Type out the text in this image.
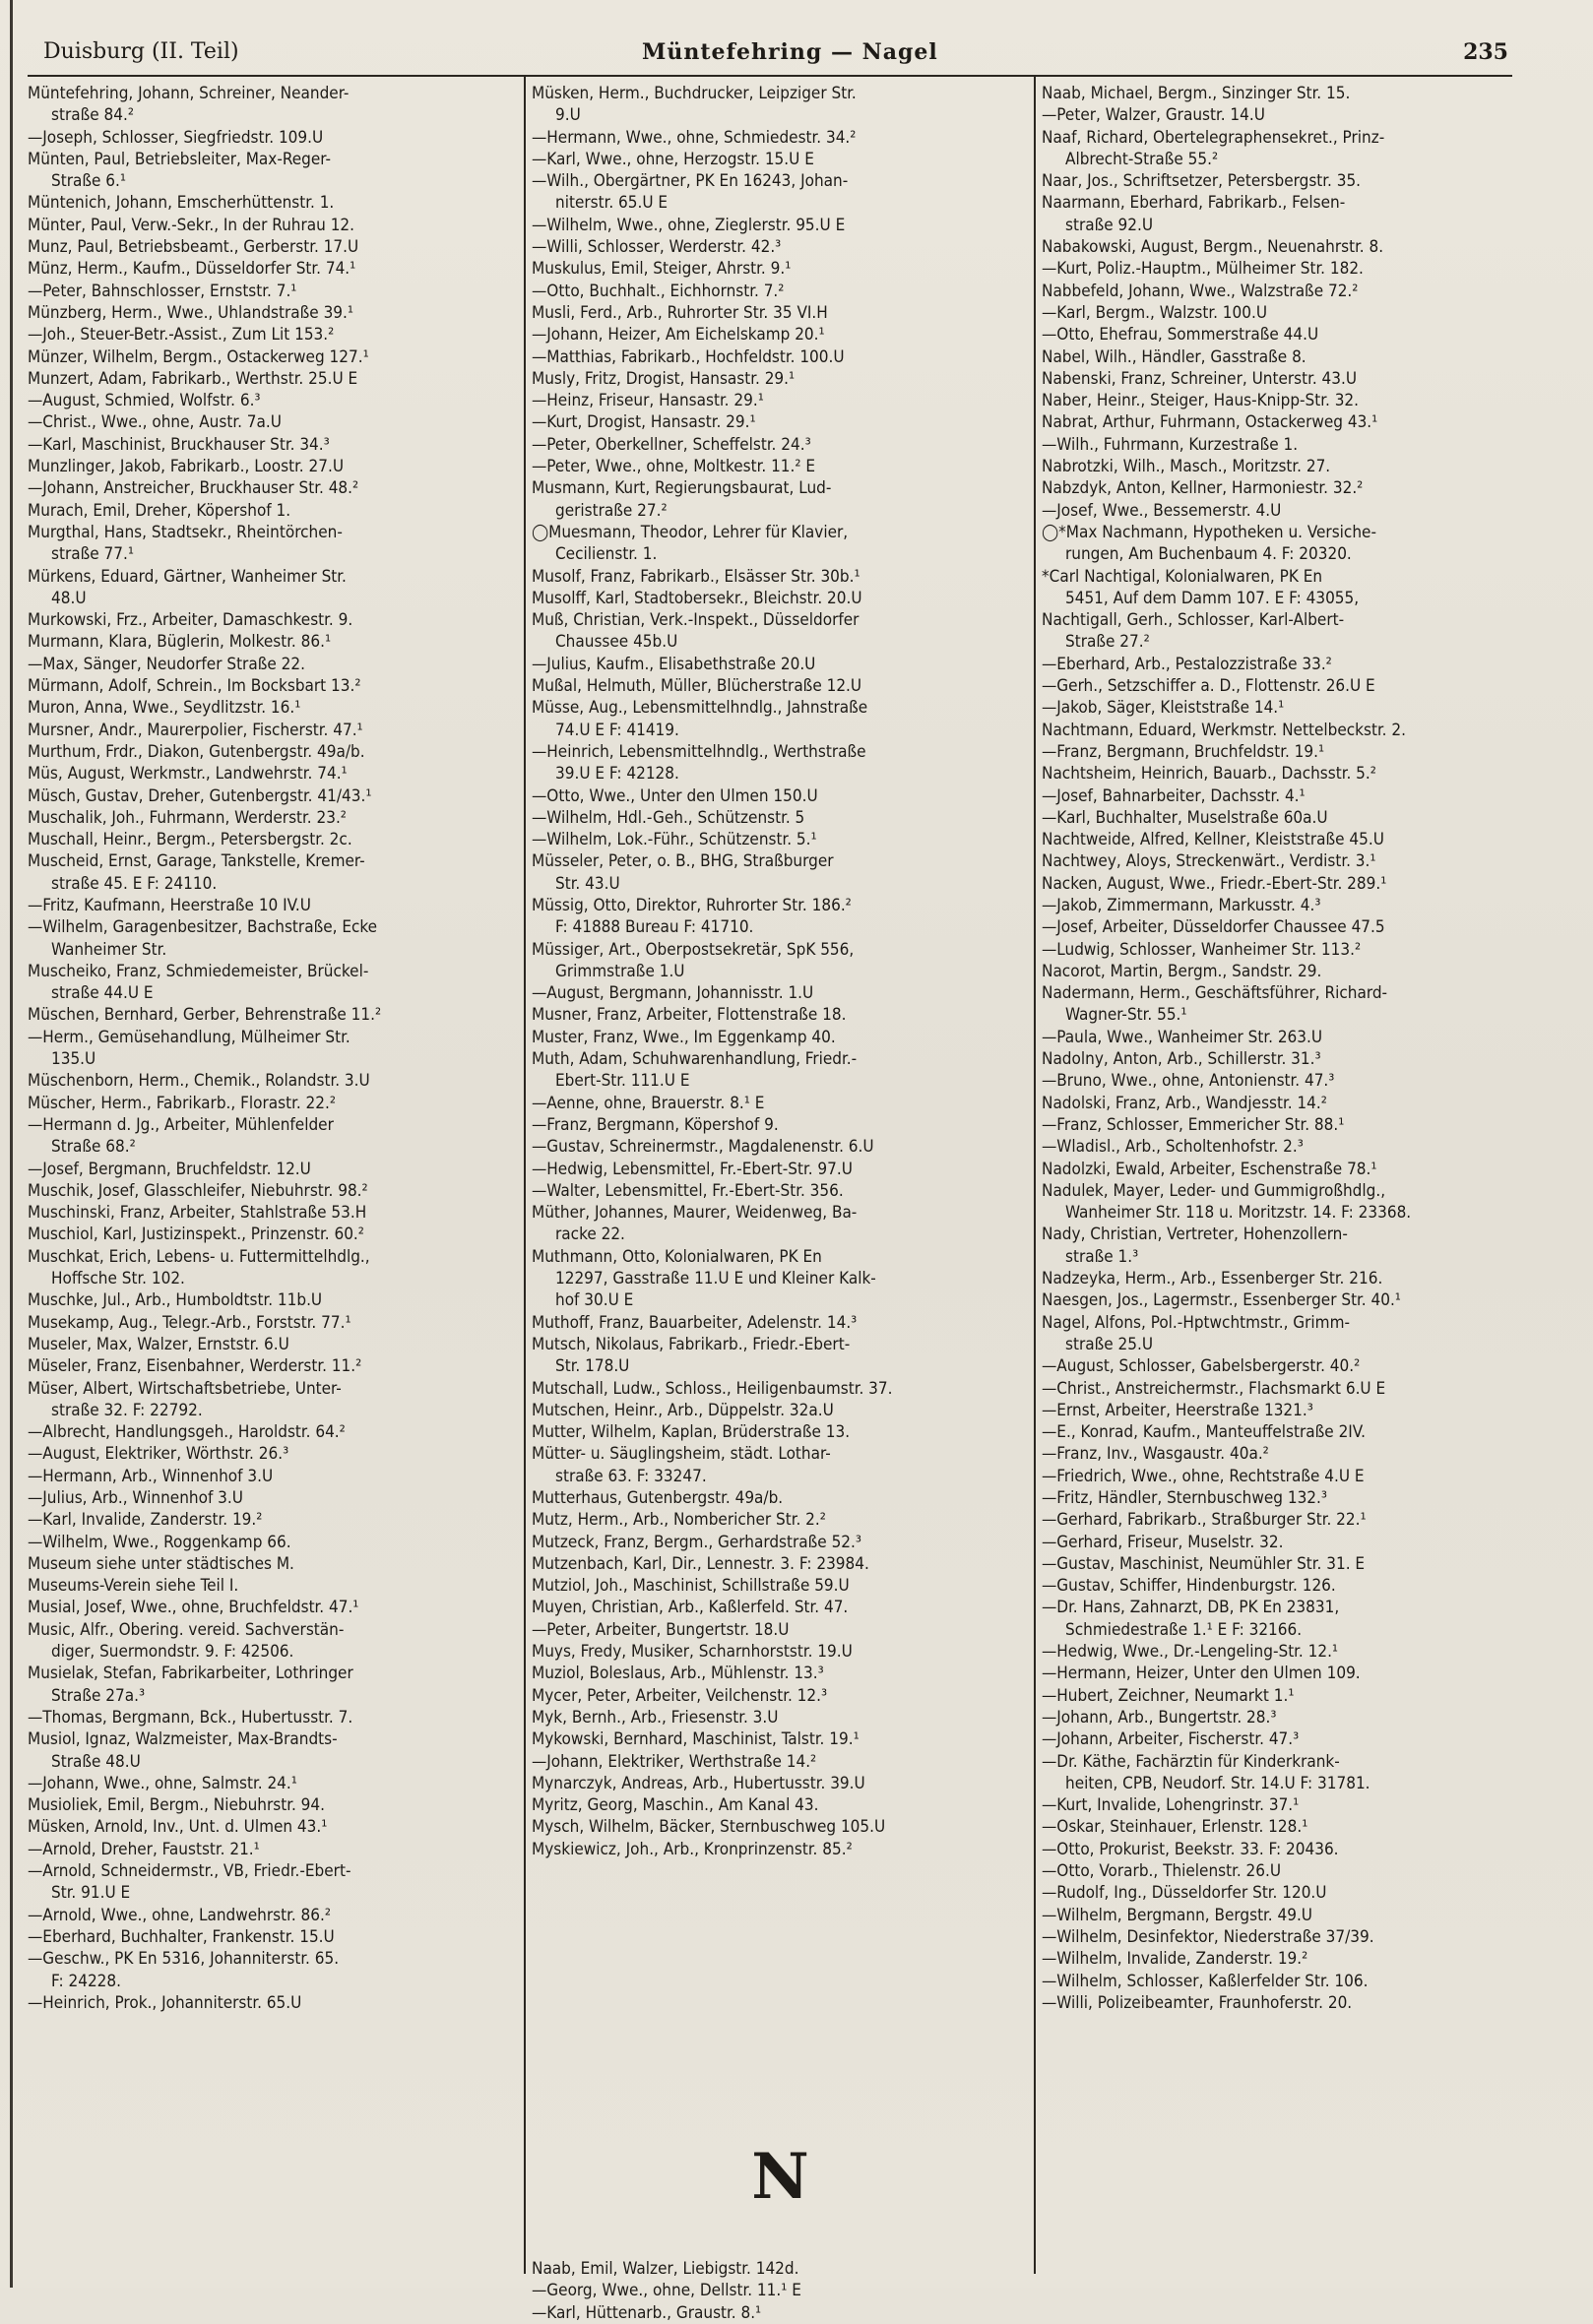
Duisburg (II. Teil)	Müntefehring — Nagel	235
Müntefehring, Johann, Schreiner, Neander-
straße 84.²
—Joseph, Schlosser, Siegfriedstr. 109.U
Münten, Paul, Betriebsleiter, Max-Reger-
Straße 6.¹
Müntenich, Johann, Emscherhüttenstr. 1.
Münter, Paul, Verw.-Sekr., In der Ruhrau 12.
Munz, Paul, Betriebsbeamt., Gerberstr. 17.U
Münz, Herm., Kaufm., Düsseldorfer Str. 74.¹
—Peter, Bahnschlosser, Ernststr. 7.¹
Münzberg, Herm., Wwe., Uhlandstraße 39.¹
—Joh., Steuer-Betr.-Assist., Zum Lit 153.²
Münzer, Wilhelm, Bergm., Ostackerweg 127.¹
Munzert, Adam, Fabrikarb., Werthstr. 25.U E
—August, Schmied, Wolfstr. 6.³
—Christ., Wwe., ohne, Austr. 7a.U
—Karl, Maschinist, Bruckhauser Str. 34.³
Munzlinger, Jakob, Fabrikarb., Loostr. 27.U
—Johann, Anstreicher, Bruckhauser Str. 48.²
Murach, Emil, Dreher, Köpershof 1.
Murgthal, Hans, Stadtsekr., Rheintörchen-
straße 77.¹
Mürkens, Eduard, Gärtner, Wanheimer Str.
48.U
Murkowski, Frz., Arbeiter, Damaschkestr. 9.
Murmann, Klara, Büglerin, Molkestr. 86.¹
—Max, Sänger, Neudorfer Straße 22.
Mürmann, Adolf, Schrein., Im Bocksbart 13.²
Muron, Anna, Wwe., Seydlitzstr. 16.¹
Mursner, Andr., Maurerpolier, Fischerstr. 47.¹
Murthum, Frdr., Diakon, Gutenbergstr. 49a/b.
Müs, August, Werkmstr., Landwehrstr. 74.¹
Müsch, Gustav, Dreher, Gutenbergstr. 41/43.¹
Muschalik, Joh., Fuhrmann, Werderstr. 23.²
Muschall, Heinr., Bergm., Petersbergstr. 2c.
Muscheid, Ernst, Garage, Tankstelle, Kremer-
straße 45. E F: 24110.
—Fritz, Kaufmann, Heerstraße 10 IV.U
—Wilhelm, Garagenbesitzer, Bachstraße, Ecke
Wanheimer Str.
Muscheiko, Franz, Schmiedemeister, Brückel-
straße 44.U E
Müschen, Bernhard, Gerber, Behrenstraße 11.²
—Herm., Gemüsehandlung, Mülheimer Str.
135.U
Müschenborn, Herm., Chemik., Rolandstr. 3.U
Müscher, Herm., Fabrikarb., Florastr. 22.²
—Hermann d. Jg., Arbeiter, Mühlenfelder
Straße 68.²
—Josef, Bergmann, Bruchfeldstr. 12.U
Muschik, Josef, Glasschleifer, Niebuhrstr. 98.²
Muschinski, Franz, Arbeiter, Stahlstraße 53.H
Muschiol, Karl, Justizinspekt., Prinzenstr. 60.²
Muschkat, Erich, Lebens- u. Futtermittelhdlg.,
Hoffsche Str. 102.
Muschke, Jul., Arb., Humboldtstr. 11b.U
Musekamp, Aug., Telegr.-Arb., Forststr. 77.¹
Museler, Max, Walzer, Ernststr. 6.U
Müseler, Franz, Eisenbahner, Werderstr. 11.²
Müser, Albert, Wirtschaftsbetriebe, Unter-
straße 32. F: 22792.
—Albrecht, Handlungsgeh., Haroldstr. 64.²
—August, Elektriker, Wörthstr. 26.³
—Hermann, Arb., Winnenhof 3.U
—Julius, Arb., Winnenhof 3.U
—Karl, Invalide, Zanderstr. 19.²
—Wilhelm, Wwe., Roggenkamp 66.
Museum siehe unter städtisches M.
Museums-Verein siehe Teil I.
Musial, Josef, Wwe., ohne, Bruchfeldstr. 47.¹
Music, Alfr., Obering. vereid. Sachverstän-
diger, Suermondstr. 9. F: 42506.
Musielak, Stefan, Fabrikarbeiter, Lothringer
Straße 27a.³
—Thomas, Bergmann, Bck., Hubertusstr. 7.
Musiol, Ignaz, Walzmeister, Max-Brandts-
Straße 48.U
—Johann, Wwe., ohne, Salmstr. 24.¹
Musioliek, Emil, Bergm., Niebuhrstr. 94.
Müsken, Arnold, Inv., Unt. d. Ulmen 43.¹
—Arnold, Dreher, Fauststr. 21.¹
—Arnold, Schneidermstr., VB, Friedr.-Ebert-
Str. 91.U E
—Arnold, Wwe., ohne, Landwehrstr. 86.²
—Eberhard, Buchhalter, Frankenstr. 15.U
—Geschw., PK En 5316, Johanniterstr. 65.
F: 24228.
—Heinrich, Prok., Johanniterstr. 65.U
Müsken, Herm., Buchdrucker, Leipziger Str.
9.U
—Hermann, Wwe., ohne, Schmiedestr. 34.²
—Karl, Wwe., ohne, Herzogstr. 15.U E
—Wilh., Obergärtner, PK En 16243, Johan-
niterstr. 65.U E
—Wilhelm, Wwe., ohne, Zieglerstr. 95.U E
—Willi, Schlosser, Werderstr. 42.³
Muskulus, Emil, Steiger, Ahrstr. 9.¹
—Otto, Buchhalt., Eichhornstr. 7.²
Musli, Ferd., Arb., Ruhrorter Str. 35 VI.H
—Johann, Heizer, Am Eichelskamp 20.¹
—Matthias, Fabrikarb., Hochfeldstr. 100.U
Musly, Fritz, Drogist, Hansastr. 29.¹
—Heinz, Friseur, Hansastr. 29.¹
—Kurt, Drogist, Hansastr. 29.¹
—Peter, Oberkellner, Scheffelstr. 24.³
—Peter, Wwe., ohne, Moltkestr. 11.² E
Musmann, Kurt, Regierungsbaurat, Lud-
geristraße 27.²
◯Muesmann, Theodor, Lehrer für Klavier,
Cecilienstr. 1.
Musolf, Franz, Fabrikarb., Elsässer Str. 30b.¹
Musolff, Karl, Stadtobersekr., Bleichstr. 20.U
Muß, Christian, Verk.-Inspekt., Düsseldorfer
Chaussee 45b.U
—Julius, Kaufm., Elisabethstraße 20.U
Mußal, Helmuth, Müller, Blücherstraße 12.U
Müsse, Aug., Lebensmittelhndlg., Jahnstraße
74.U E F: 41419.
—Heinrich, Lebensmittelhndlg., Werthstraße
39.U E F: 42128.
—Otto, Wwe., Unter den Ulmen 150.U
—Wilhelm, Hdl.-Geh., Schützenstr. 5
—Wilhelm, Lok.-Führ., Schützenstr. 5.¹
Müsseler, Peter, o. B., BHG, Straßburger
Str. 43.U
Müssig, Otto, Direktor, Ruhrorter Str. 186.²
F: 41888 Bureau F: 41710.
Müssiger, Art., Oberpostsekretär, SpK 556,
Grimmstraße 1.U
—August, Bergmann, Johannisstr. 1.U
Musner, Franz, Arbeiter, Flottenstraße 18.
Muster, Franz, Wwe., Im Eggenkamp 40.
Muth, Adam, Schuhwarenhandlung, Friedr.-
Ebert-Str. 111.U E
—Aenne, ohne, Brauerstr. 8.¹ E
—Franz, Bergmann, Köpershof 9.
—Gustav, Schreinermstr., Magdalenenstr. 6.U
—Hedwig, Lebensmittel, Fr.-Ebert-Str. 97.U
—Walter, Lebensmittel, Fr.-Ebert-Str. 356.
Müther, Johannes, Maurer, Weidenweg, Ba-
racke 22.
Muthmann, Otto, Kolonialwaren, PK En
12297, Gasstraße 11.U E und Kleiner Kalk-
hof 30.U E
Muthoff, Franz, Bauarbeiter, Adelenstr. 14.³
Mutsch, Nikolaus, Fabrikarb., Friedr.-Ebert-
Str. 178.U
Mutschall, Ludw., Schloss., Heiligenbaumstr. 37.
Mutschen, Heinr., Arb., Düppelstr. 32a.U
Mutter, Wilhelm, Kaplan, Brüderstraße 13.
Mütter- u. Säuglingsheim, städt. Lothar-
straße 63. F: 33247.
Mutterhaus, Gutenbergstr. 49a/b.
Mutz, Herm., Arb., Nombericher Str. 2.²
Mutzeck, Franz, Bergm., Gerhardstraße 52.³
Mutzenbach, Karl, Dir., Lennestr. 3. F: 23984.
Mutziol, Joh., Maschinist, Schillstraße 59.U
Muyen, Christian, Arb., Kaßlerfeld. Str. 47.
—Peter, Arbeiter, Bungertstr. 18.U
Muys, Fredy, Musiker, Scharnhorststr. 19.U
Muziol, Boleslaus, Arb., Mühlenstr. 13.³
Mycer, Peter, Arbeiter, Veilchenstr. 12.³
Myk, Bernh., Arb., Friesenstr. 3.U
Mykowski, Bernhard, Maschinist, Talstr. 19.¹
—Johann, Elektriker, Werthstraße 14.²
Mynarczyk, Andreas, Arb., Hubertusstr. 39.U
Myritz, Georg, Maschin., Am Kanal 43.
Mysch, Wilhelm, Bäcker, Sternbuschweg 105.U
Myskiewicz, Joh., Arb., Kronprinzenstr. 85.²
N
Naab, Emil, Walzer, Liebigstr. 142d.
—Georg, Wwe., ohne, Dellstr. 11.¹ E
—Karl, Hüttenarb., Graustr. 8.¹
Naab, Michael, Bergm., Sinzinger Str. 15.
—Peter, Walzer, Graustr. 14.U
Naaf, Richard, Obertelegraphensekret., Prinz-
Albrecht-Straße 55.²
Naar, Jos., Schriftsetzer, Petersbergstr. 35.
Naarmann, Eberhard, Fabrikarb., Felsen-
straße 92.U
Nabakowski, August, Bergm., Neuenahrstr. 8.
—Kurt, Poliz.-Hauptm., Mülheimer Str. 182.
Nabbefeld, Johann, Wwe., Walzstraße 72.²
—Karl, Bergm., Walzstr. 100.U
—Otto, Ehefrau, Sommerstraße 44.U
Nabel, Wilh., Händler, Gasstraße 8.
Nabenski, Franz, Schreiner, Unterstr. 43.U
Naber, Heinr., Steiger, Haus-Knipp-Str. 32.
Nabrat, Arthur, Fuhrmann, Ostackerweg 43.¹
—Wilh., Fuhrmann, Kurzestraße 1.
Nabrotzki, Wilh., Masch., Moritzstr. 27.
Nabzdyk, Anton, Kellner, Harmoniestr. 32.²
—Josef, Wwe., Bessemerstr. 4.U
◯*Max Nachmann, Hypotheken u. Versiche-
rungen, Am Buchenbaum 4. F: 20320.
*Carl Nachtigal, Kolonialwaren, PK En
5451, Auf dem Damm 107. E F: 43055,
Nachtigall, Gerh., Schlosser, Karl-Albert-
Straße 27.²
—Eberhard, Arb., Pestalozzistraße 33.²
—Gerh., Setzschiffer a. D., Flottenstr. 26.U E
—Jakob, Säger, Kleiststraße 14.¹
Nachtmann, Eduard, Werkmstr. Nettelbeckstr. 2.
—Franz, Bergmann, Bruchfeldstr. 19.¹
Nachtsheim, Heinrich, Bauarb., Dachsstr. 5.²
—Josef, Bahnarbeiter, Dachsstr. 4.¹
—Karl, Buchhalter, Muselstraße 60a.U
Nachtweide, Alfred, Kellner, Kleiststraße 45.U
Nachtwey, Aloys, Streckenwärt., Verdistr. 3.¹
Nacken, August, Wwe., Friedr.-Ebert-Str. 289.¹
—Jakob, Zimmermann, Markusstr. 4.³
—Josef, Arbeiter, Düsseldorfer Chaussee 47.5
—Ludwig, Schlosser, Wanheimer Str. 113.²
Nacorot, Martin, Bergm., Sandstr. 29.
Nadermann, Herm., Geschäftsführer, Richard-
Wagner-Str. 55.¹
—Paula, Wwe., Wanheimer Str. 263.U
Nadolny, Anton, Arb., Schillerstr. 31.³
—Bruno, Wwe., ohne, Antonienstr. 47.³
Nadolski, Franz, Arb., Wandjesstr. 14.²
—Franz, Schlosser, Emmericher Str. 88.¹
—Wladisl., Arb., Scholtenhofstr. 2.³
Nadolzki, Ewald, Arbeiter, Eschenstraße 78.¹
Nadulek, Mayer, Leder- und Gummigroßhdlg.,
Wanheimer Str. 118 u. Moritzstr. 14. F: 23368.
Nady, Christian, Vertreter, Hohenzollern-
straße 1.³
Nadzeyka, Herm., Arb., Essenberger Str. 216.
Naesgen, Jos., Lagermstr., Essenberger Str. 40.¹
Nagel, Alfons, Pol.-Hptwchtmstr., Grimm-
straße 25.U
—August, Schlosser, Gabelsbergerstr. 40.²
—Christ., Anstreichermstr., Flachsmarkt 6.U E
—Ernst, Arbeiter, Heerstraße 1321.³
—E., Konrad, Kaufm., Manteuffelstraße 2IV.
—Franz, Inv., Wasgaustr. 40a.²
—Friedrich, Wwe., ohne, Rechtstraße 4.U E
—Fritz, Händler, Sternbuschweg 132.³
—Gerhard, Fabrikarb., Straßburger Str. 22.¹
—Gerhard, Friseur, Muselstr. 32.
—Gustav, Maschinist, Neumühler Str. 31. E
—Gustav, Schiffer, Hindenburgstr. 126.
—Dr. Hans, Zahnarzt, DB, PK En 23831,
Schmiedestraße 1.¹ E F: 32166.
—Hedwig, Wwe., Dr.-Lengeling-Str. 12.¹
—Hermann, Heizer, Unter den Ulmen 109.
—Hubert, Zeichner, Neumarkt 1.¹
—Johann, Arb., Bungertstr. 28.³
—Johann, Arbeiter, Fischerstr. 47.³
—Dr. Käthe, Fachärztin für Kinderkrank-
heiten, CPB, Neudorf. Str. 14.U F: 31781.
—Kurt, Invalide, Lohengrinstr. 37.¹
—Oskar, Steinhauer, Erlenstr. 128.¹
—Otto, Prokurist, Beekstr. 33. F: 20436.
—Otto, Vorarb., Thielenstr. 26.U
—Rudolf, Ing., Düsseldorfer Str. 120.U
—Wilhelm, Bergmann, Bergstr. 49.U
—Wilhelm, Desinfektor, Niederstraße 37/39.
—Wilhelm, Invalide, Zanderstr. 19.²
—Wilhelm, Schlosser, Kaßlerfelder Str. 106.
—Willi, Polizeibeamter, Fraunhoferstr. 20.
